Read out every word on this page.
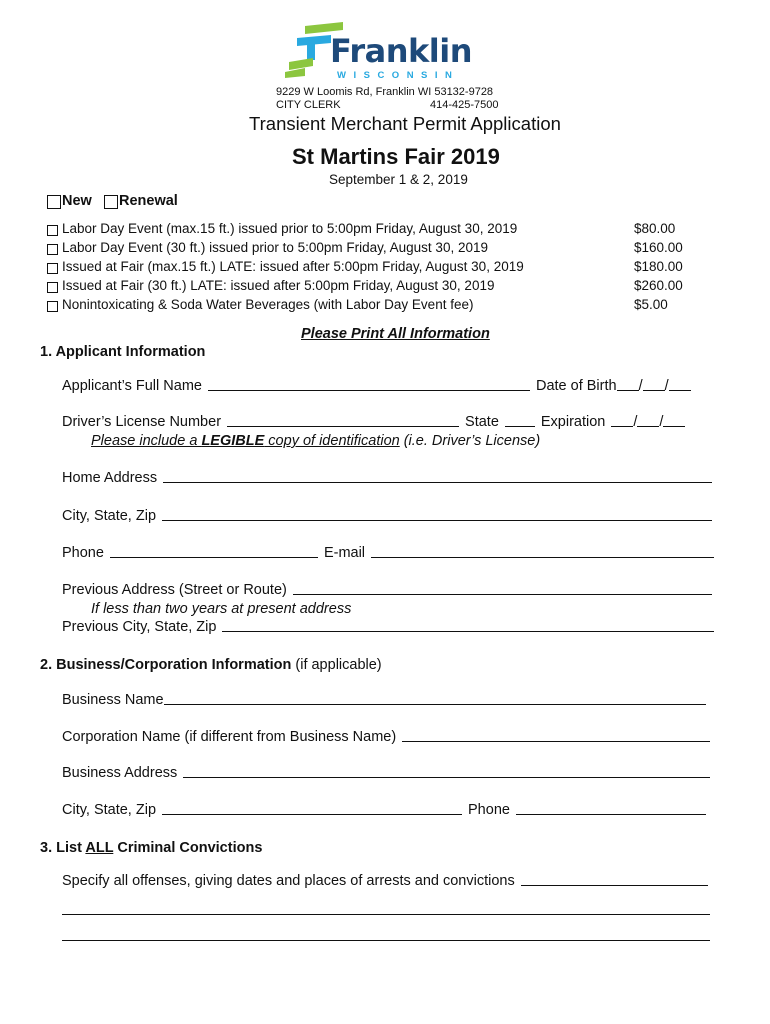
Franklin
WISCONSIN
9229 W Loomis Rd, Franklin WI 53132-9728
CITY CLERK	414-425-7500
Transient Merchant Permit Application
St Martins Fair 2019
September 1 & 2, 2019
New Renewal
Labor Day Event (max.15 ft.) issued prior to 5:00pm Friday, August 30, 2019	$80.00
Labor Day Event (30 ft.) issued prior to 5:00pm Friday, August 30, 2019	$160.00
Issued at Fair (max.15 ft.) LATE: issued after 5:00pm Friday, August 30, 2019	$180.00
Issued at Fair (30 ft.) LATE: issued after 5:00pm Friday, August 30, 2019	$260.00
Nonintoxicating & Soda Water Beverages (with Labor Day Event fee)	$5.00
Please Print All Information
1. Applicant Information
Applicant’s Full Name	Date of Birth / /
Driver’s License Number	State	Expiration / /
Please include a LEGIBLE copy of identification (i.e. Driver’s License)
Home Address
City, State, Zip
Phone	E-mail
Previous Address (Street or Route)
If less than two years at present address
Previous City, State, Zip
2. Business/Corporation Information (if applicable)
Business Name
Corporation Name (if different from Business Name)
Business Address
City, State, Zip	Phone
3. List ALL Criminal Convictions
Specify all offenses, giving dates and places of arrests and convictions
